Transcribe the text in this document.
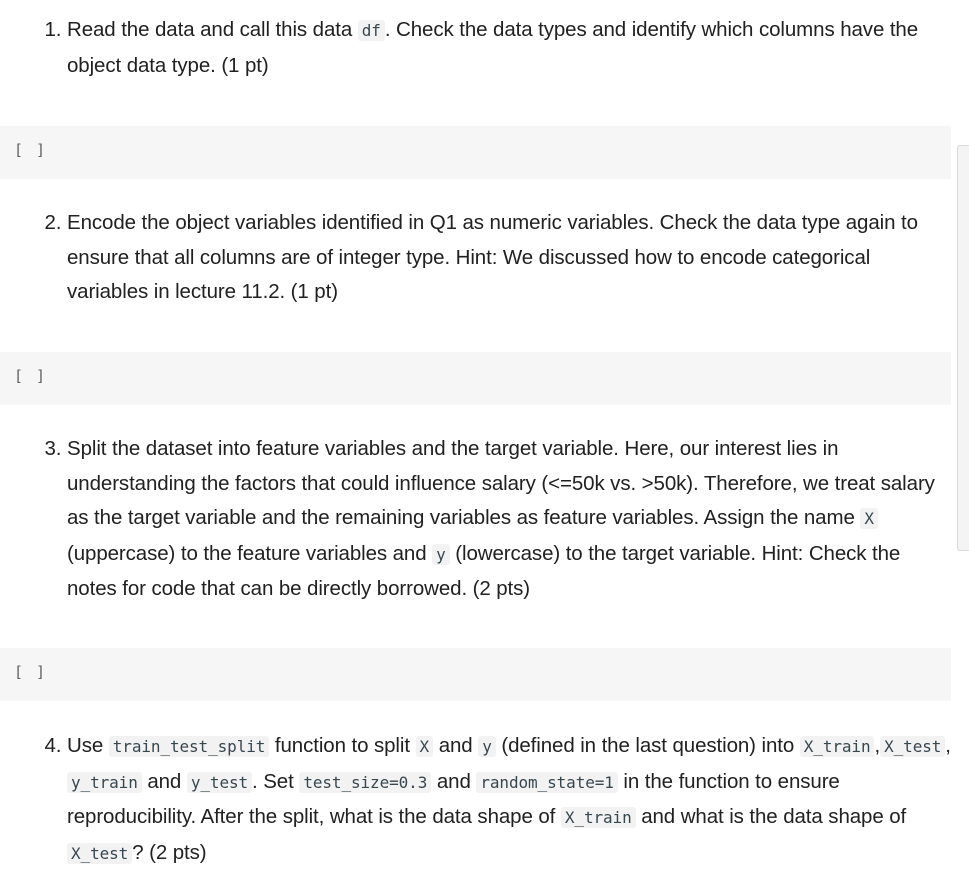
1. Read the data and call this data df . Check the data types and identify which columns have the object data type. (1 pt)
[ ]
2. Encode the object variables identified in Q1 as numeric variables. Check the data type again to ensure that all columns are of integer type. Hint: We discussed how to encode categorical variables in lecture 11.2. (1 pt)
[ ]
3. Split the dataset into feature variables and the target variable. Here, our interest lies in understanding the factors that could influence salary (<=50k vs. >50k). Therefore, we treat salary as the target variable and the remaining variables as feature variables. Assign the name X (uppercase) to the feature variables and y (lowercase) to the target variable. Hint: Check the notes for code that can be directly borrowed. (2 pts)
[ ]
4. Use train_test_split function to split X and y (defined in the last question) into X_train , X_test , y_train and y_test . Set test_size=0.3 and random_state=1 in the function to ensure reproducibility. After the split, what is the data shape of X_train and what is the data shape of X_test ? (2 pts)
